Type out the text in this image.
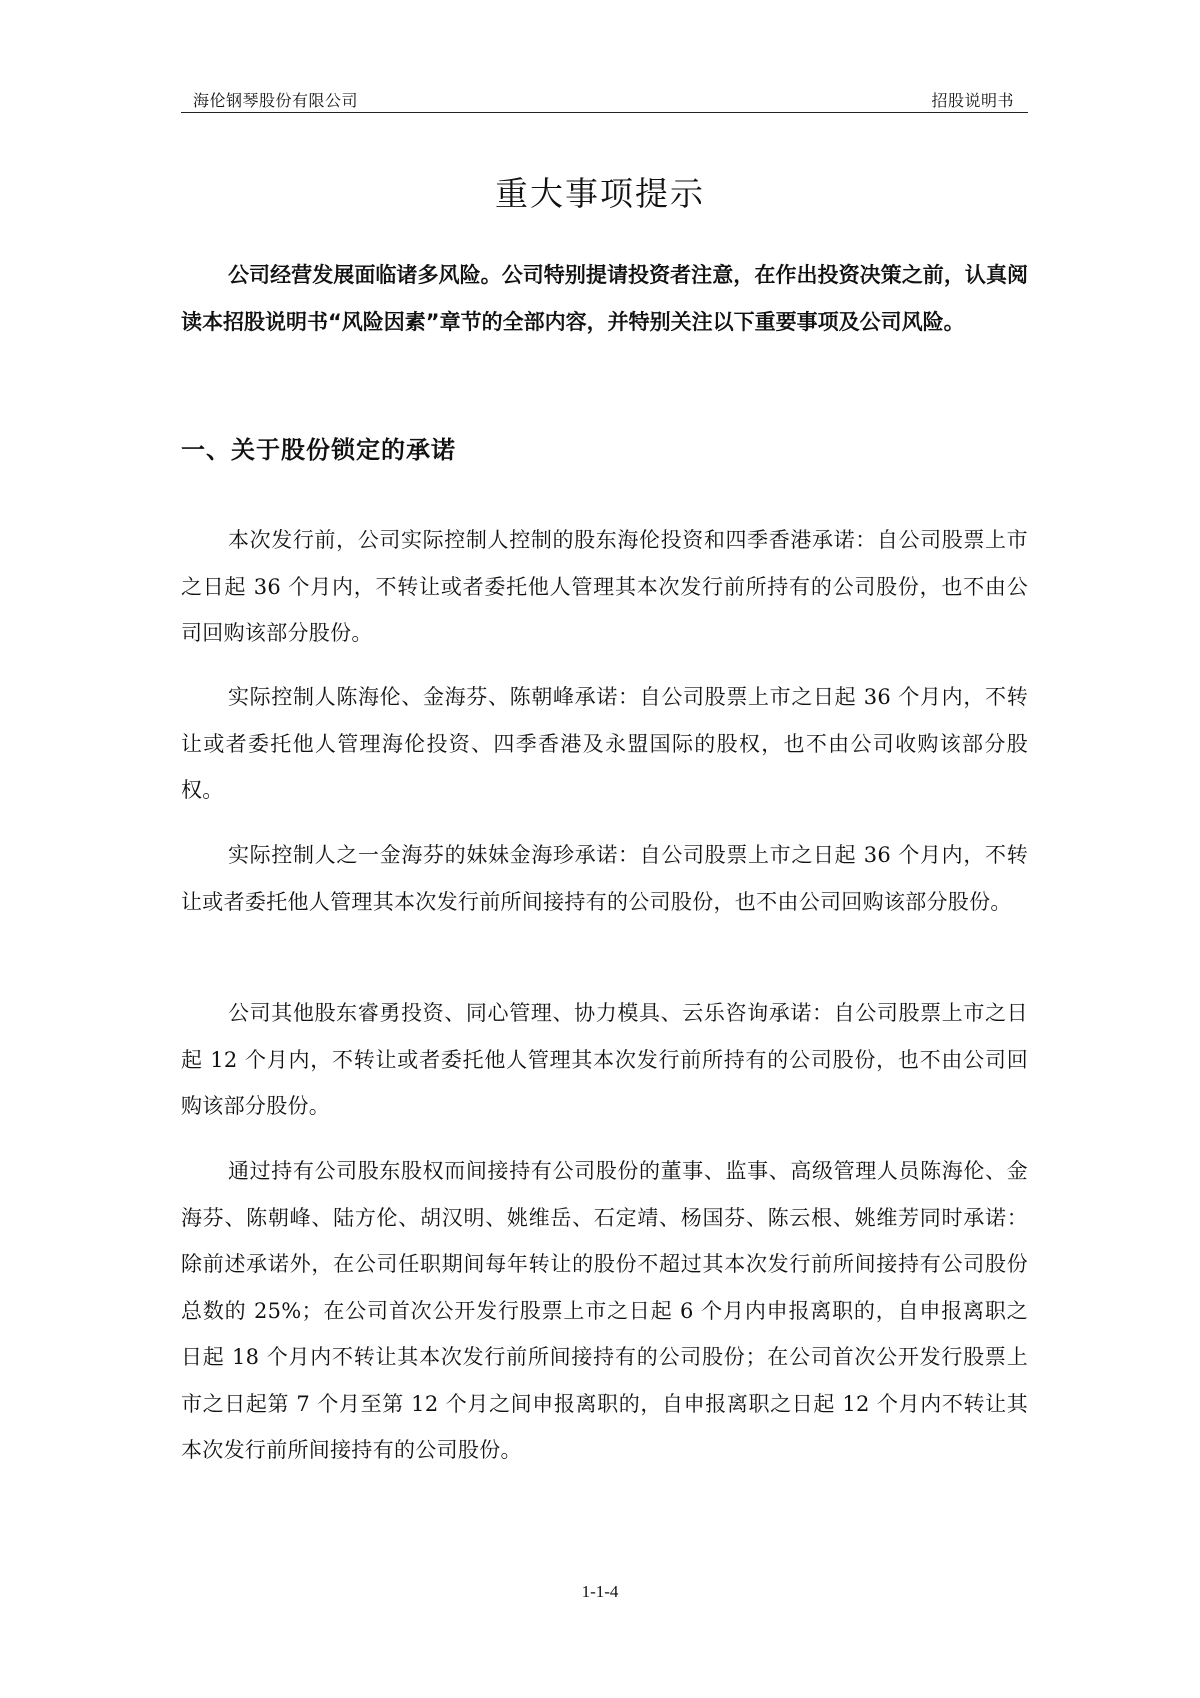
海伦钢琴股份有限公司	招股说明书
重大事项提示

公司经营发展面临诸多风险。公司特别提请投资者注意，在作出投资决策之前，认真阅读本招股说明书“风险因素”章节的全部内容，并特别关注以下重要事项及公司风险。

一、关于股份锁定的承诺

本次发行前，公司实际控制人控制的股东海伦投资和四季香港承诺：自公司股票上市之日起 36 个月内，不转让或者委托他人管理其本次发行前所持有的公司股份，也不由公司回购该部分股份。

实际控制人陈海伦、金海芬、陈朝峰承诺：自公司股票上市之日起 36 个月内，不转让或者委托他人管理海伦投资、四季香港及永盟国际的股权，也不由公司收购该部分股权。

实际控制人之一金海芬的妹妹金海珍承诺：自公司股票上市之日起 36 个月内，不转让或者委托他人管理其本次发行前所间接持有的公司股份，也不由公司回购该部分股份。

公司其他股东睿勇投资、同心管理、协力模具、云乐咨询承诺：自公司股票上市之日起 12 个月内，不转让或者委托他人管理其本次发行前所持有的公司股份，也不由公司回购该部分股份。

通过持有公司股东股权而间接持有公司股份的董事、监事、高级管理人员陈海伦、金海芬、陈朝峰、陆方伦、胡汉明、姚维岳、石定靖、杨国芬、陈云根、姚维芳同时承诺：除前述承诺外，在公司任职期间每年转让的股份不超过其本次发行前所间接持有公司股份总数的 25%；在公司首次公开发行股票上市之日起 6 个月内申报离职的，自申报离职之日起 18 个月内不转让其本次发行前所间接持有的公司股份；在公司首次公开发行股票上市之日起第 7 个月至第 12 个月之间申报离职的，自申报离职之日起 12 个月内不转让其本次发行前所间接持有的公司股份。

1-1-4
